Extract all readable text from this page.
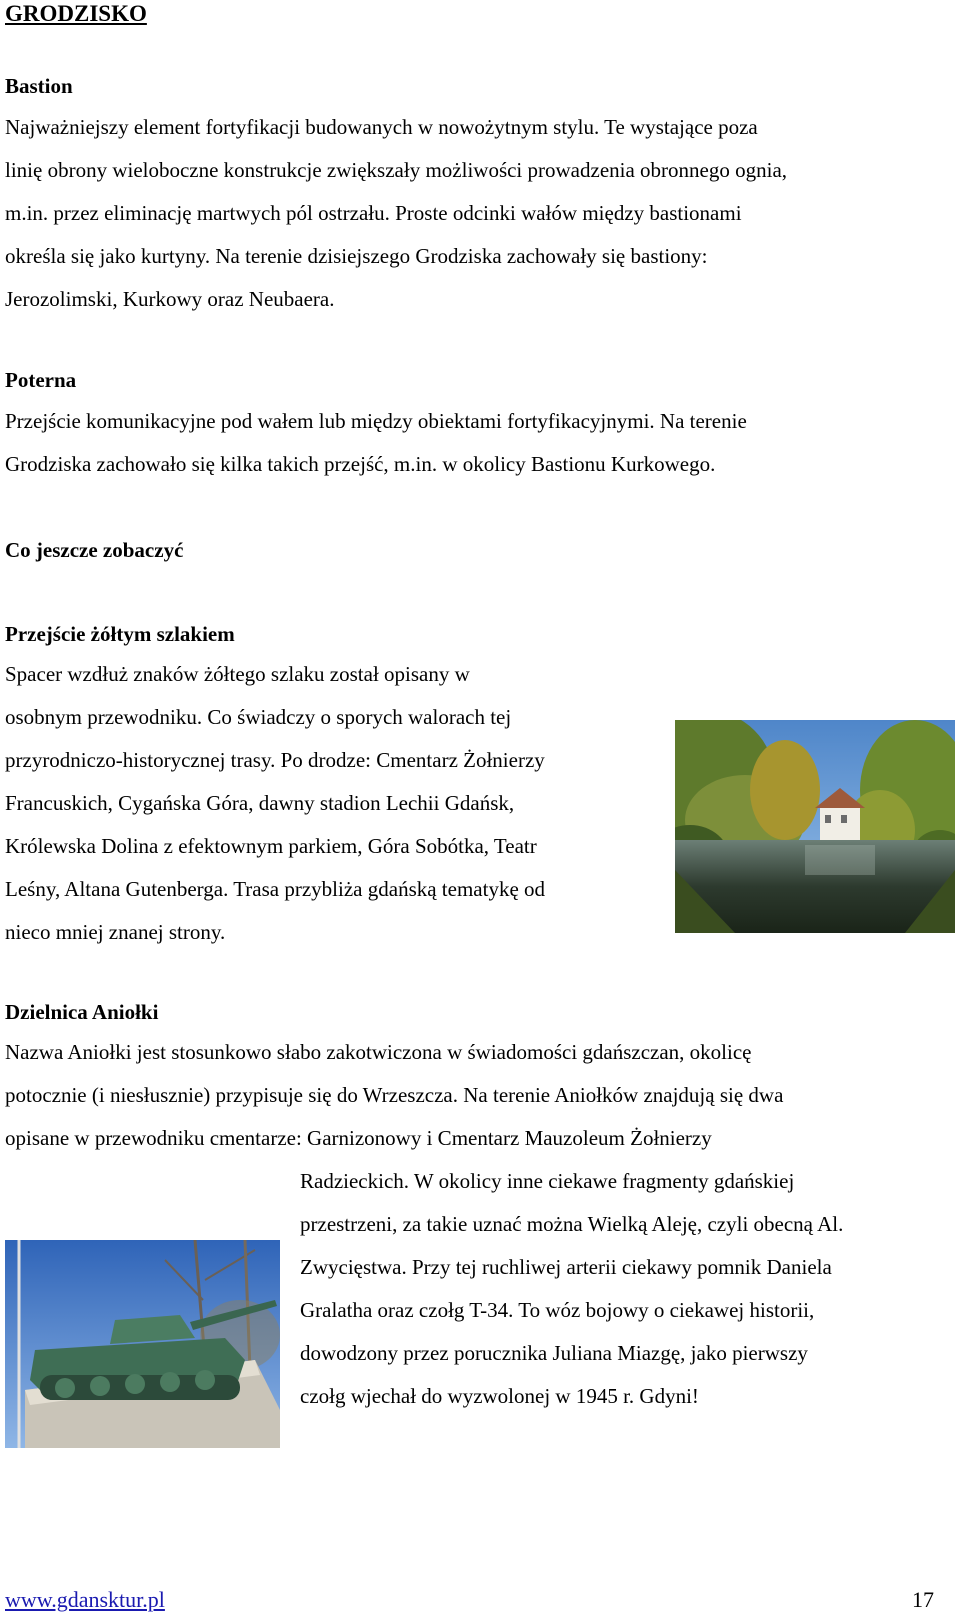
GRODZISKO
Bastion
Najważniejszy element fortyfikacji budowanych w nowożytnym stylu. Te wystające poza
linię obrony wieloboczne konstrukcje zwiększały możliwości prowadzenia obronnego ognia,
m.in. przez eliminację martwych pól ostrzału. Proste odcinki wałów między bastionami
określa się jako kurtyny. Na terenie dzisiejszego Grodziska zachowały się bastiony:
Jerozolimski, Kurkowy oraz Neubaera.
Poterna
Przejście komunikacyjne pod wałem lub między obiektami fortyfikacyjnymi. Na terenie
Grodziska zachowało się kilka takich przejść, m.in. w okolicy Bastionu Kurkowego.
Co jeszcze zobaczyć
Przejście żółtym szlakiem
Spacer wzdłuż znaków żółtego szlaku został opisany w
osobnym przewodniku. Co świadczy o sporych walorach tej
przyrodniczo-historycznej trasy. Po drodze: Cmentarz Żołnierzy
Francuskich, Cygańska Góra, dawny stadion Lechii Gdańsk,
Królewska Dolina z efektownym parkiem, Góra Sobótka, Teatr
Leśny, Altana Gutenberga. Trasa przybliża gdańską tematykę od
nieco mniej znanej strony.
Dzielnica Aniołki
Nazwa Aniołki jest stosunkowo słabo zakotwiczona w świadomości gdańszczan, okolicę
potocznie (i niesłusznie) przypisuje się do Wrzeszcza. Na terenie Aniołków znajdują się dwa
opisane w przewodniku cmentarze: Garnizonowy i Cmentarz Mauzoleum Żołnierzy
Radzieckich. W okolicy inne ciekawe fragmenty gdańskiej
przestrzeni, za takie uznać można Wielką Aleję, czyli obecną Al.
Zwycięstwa. Przy tej ruchliwej arterii ciekawy pomnik Daniela
Gralatha oraz czołg T-34. To wóz bojowy o ciekawej historii,
dowodzony przez porucznika Juliana Miazgę, jako pierwszy
czołg wjechał do wyzwolonej w 1945 r. Gdyni!
www.gdansktur.pl	17
